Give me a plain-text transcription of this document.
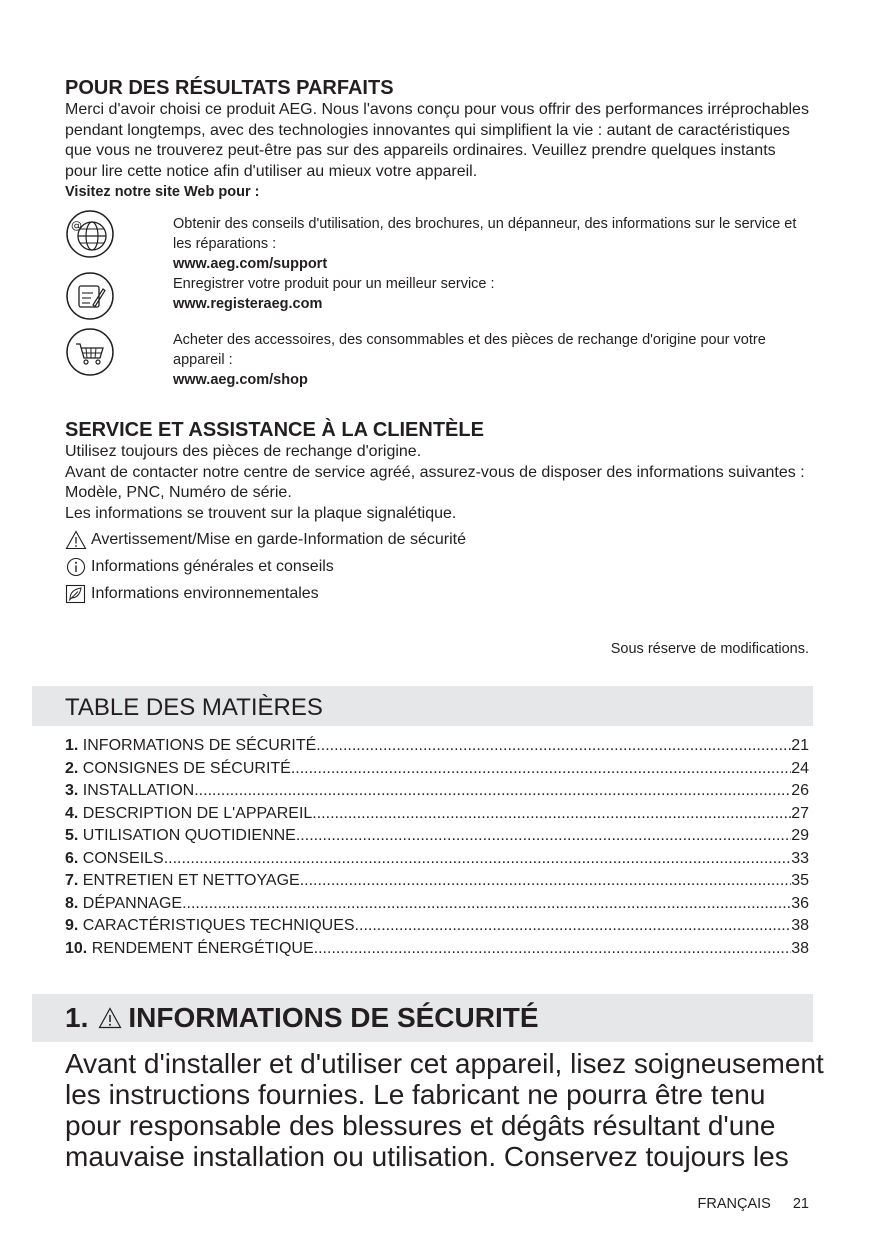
POUR DES RÉSULTATS PARFAITS

Merci d'avoir choisi ce produit AEG. Nous l'avons conçu pour vous offrir des performances irréprochables pendant longtemps, avec des technologies innovantes qui simplifient la vie : autant de caractéristiques que vous ne trouverez peut-être pas sur des appareils ordinaires. Veuillez prendre quelques instants pour lire cette notice afin d'utiliser au mieux votre appareil.

Visitez notre site Web pour :

@	Obtenir des conseils d'utilisation, des brochures, un dépanneur, des informations sur le service et les réparations :
www.aeg.com/support
Enregistrer votre produit pour un meilleur service :
www.registeraeg.com
Acheter des accessoires, des consommables et des pièces de rechange d'origine pour votre appareil :
www.aeg.com/shop
SERVICE ET ASSISTANCE À LA CLIENTÈLE

Utilisez toujours des pièces de rechange d'origine.

Avant de contacter notre centre de service agréé, assurez-vous de disposer des informations suivantes : Modèle, PNC, Numéro de série.

Les informations se trouvent sur la plaque signalétique.

Avertissement/Mise en garde-Information de sécurité
Informations générales et conseils
Informations environnementales
Sous réserve de modifications.
TABLE DES MATIÈRES
1.
INFORMATIONS DE SÉCURITÉ .....	21
2.
CONSIGNES DE SÉCURITÉ .....	24
3.
INSTALLATION .....	26
4.
DESCRIPTION DE L'APPAREIL .....	27
5.
UTILISATION QUOTIDIENNE .....	29
6.
CONSEILS .....	33
7.
ENTRETIEN ET NETTOYAGE .....	35
8.
DÉPANNAGE .....	36
9.
CARACTÉRISTIQUES TECHNIQUES .....	38
10.
RENDEMENT ÉNERGÉTIQUE .....	38
1. INFORMATIONS DE SÉCURITÉ
Avant d'installer et d'utiliser cet appareil, lisez soigneusement les instructions fournies. Le fabricant ne pourra être tenu pour responsable des blessures et dégâts résultant d'une mauvaise installation ou utilisation. Conservez toujours les
FRANÇAIS 21
